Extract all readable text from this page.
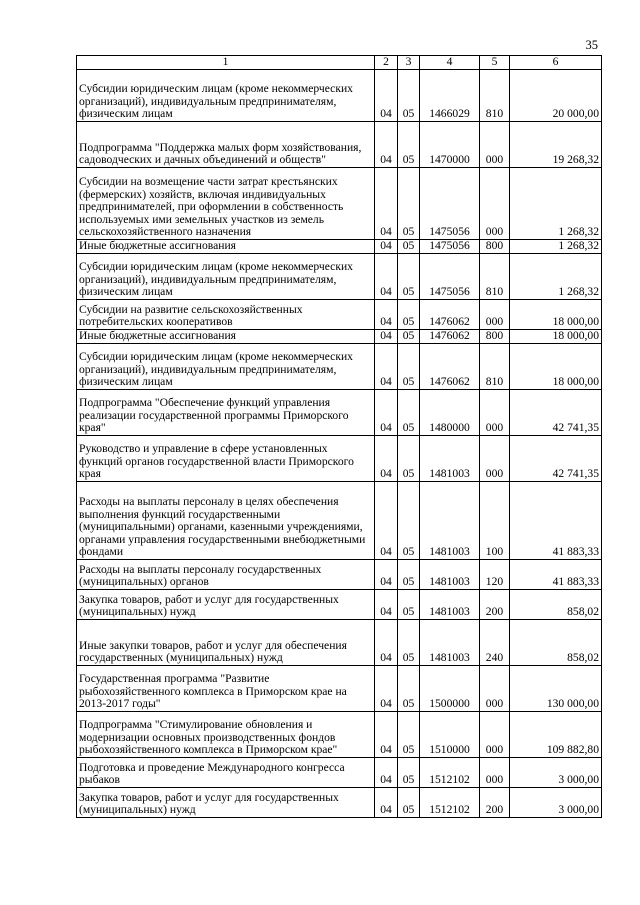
35
1	2	3	4	5	6
Субсидии юридическим лицам (кроме некоммерческих организаций), индивидуальным предпринимателям, физическим лицам	04	05	1466029	810	20 000,00
Подпрограмма "Поддержка малых форм хозяйствования, садоводческих и дачных объединений и обществ"	04	05	1470000	000	19 268,32
Субсидии на возмещение части затрат крестьянских (фермерских) хозяйств, включая индивидуальных предпринимателей, при оформлении в собственность используемых ими земельных участков из земель сельскохозяйственного назначения	04	05	1475056	000	1 268,32
Иные бюджетные ассигнования	04	05	1475056	800	1 268,32
Субсидии юридическим лицам (кроме некоммерческих организаций), индивидуальным предпринимателям, физическим лицам	04	05	1475056	810	1 268,32
Субсидии на развитие сельскохозяйственных потребительских кооперативов	04	05	1476062	000	18 000,00
Иные бюджетные ассигнования	04	05	1476062	800	18 000,00
Субсидии юридическим лицам (кроме некоммерческих организаций), индивидуальным предпринимателям, физическим лицам	04	05	1476062	810	18 000,00
Подпрограмма "Обеспечение функций управления реализации государственной программы Приморского края"	04	05	1480000	000	42 741,35
Руководство и управление в сфере установленных функций органов государственной власти Приморского края	04	05	1481003	000	42 741,35
Расходы на выплаты персоналу в целях обеспечения выполнения функций государственными (муниципальными) органами, казенными учреждениями, органами управления государственными внебюджетными фондами	04	05	1481003	100	41 883,33
Расходы на выплаты персоналу государственных (муниципальных) органов	04	05	1481003	120	41 883,33
Закупка товаров, работ и услуг для государственных (муниципальных) нужд	04	05	1481003	200	858,02
Иные закупки товаров, работ и услуг для обеспечения государственных (муниципальных) нужд	04	05	1481003	240	858,02
Государственная программа "Развитие рыбохозяйственного комплекса в Приморском крае на 2013-2017 годы"	04	05	1500000	000	130 000,00
Подпрограмма "Стимулирование обновления и модернизации основных производственных фондов рыбохозяйственного комплекса в Приморском крае"	04	05	1510000	000	109 882,80
Подготовка и проведение Международного конгресса рыбаков	04	05	1512102	000	3 000,00
Закупка товаров, работ и услуг для государственных (муниципальных) нужд	04	05	1512102	200	3 000,00
